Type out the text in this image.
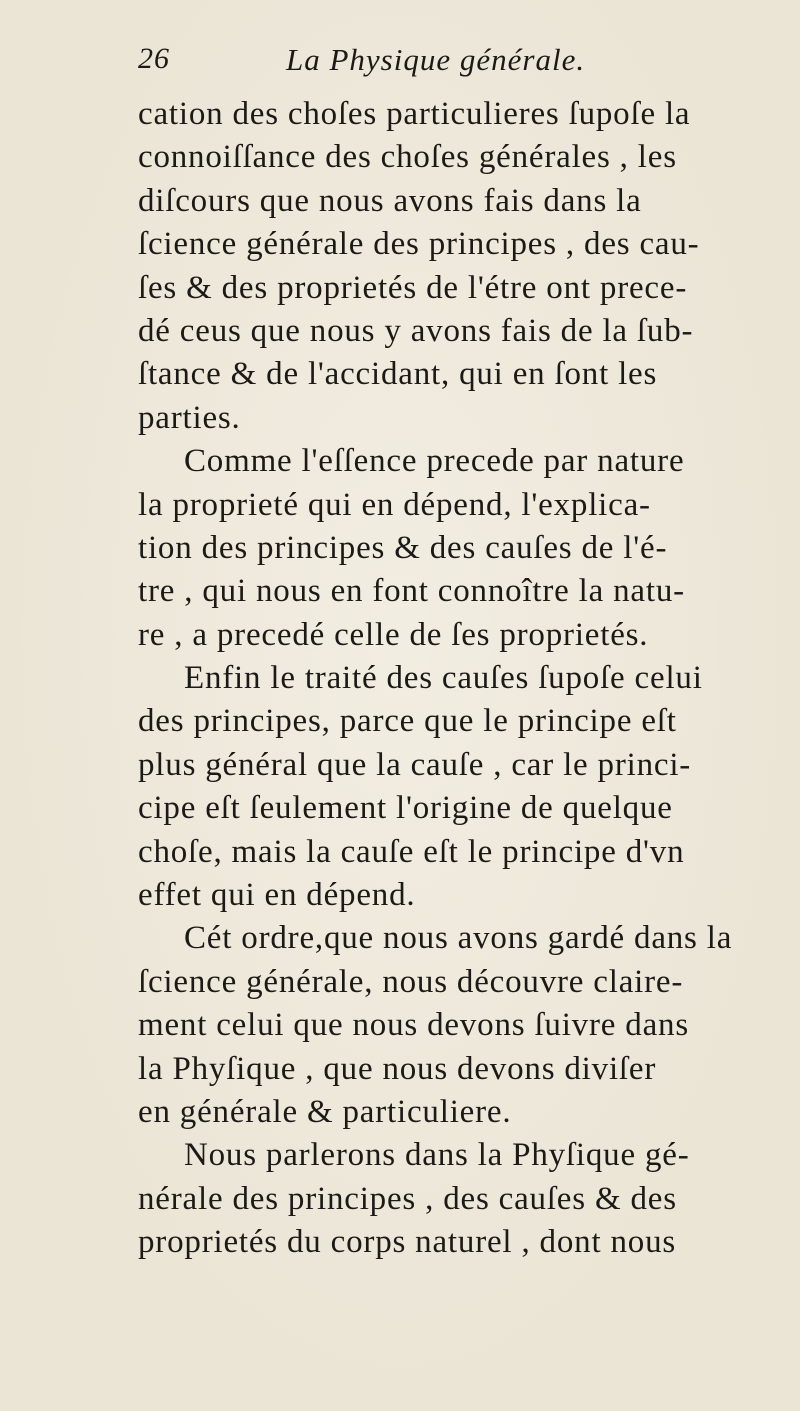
26	La Physique générale.
cation des choſes particulieres ſupoſe la
connoiſſance des choſes générales , les
diſcours que nous avons fais dans la
ſcience générale des principes , des cau-
ſes & des proprietés de l'étre ont prece-
dé ceus que nous y avons fais de la ſub-
ſtance & de l'accidant, qui en ſont les
parties.
Comme l'eſſence precede par nature
la proprieté qui en dépend, l'explica-
tion des principes & des cauſes de l'é-
tre , qui nous en font connoître la natu-
re , a precedé celle de ſes proprietés.
Enfin le traité des cauſes ſupoſe celui
des principes, parce que le principe eſt
plus général que la cauſe , car le princi-
cipe eſt ſeulement l'origine de quelque
choſe, mais la cauſe eſt le principe d'vn
effet qui en dépend.
Cét ordre,que nous avons gardé dans la
ſcience générale, nous découvre claire-
ment celui que nous devons ſuivre dans
la Phyſique , que nous devons diviſer
en générale & particuliere.
Nous parlerons dans la Phyſique gé-
nérale des principes , des cauſes & des
proprietés du corps naturel , dont nous
